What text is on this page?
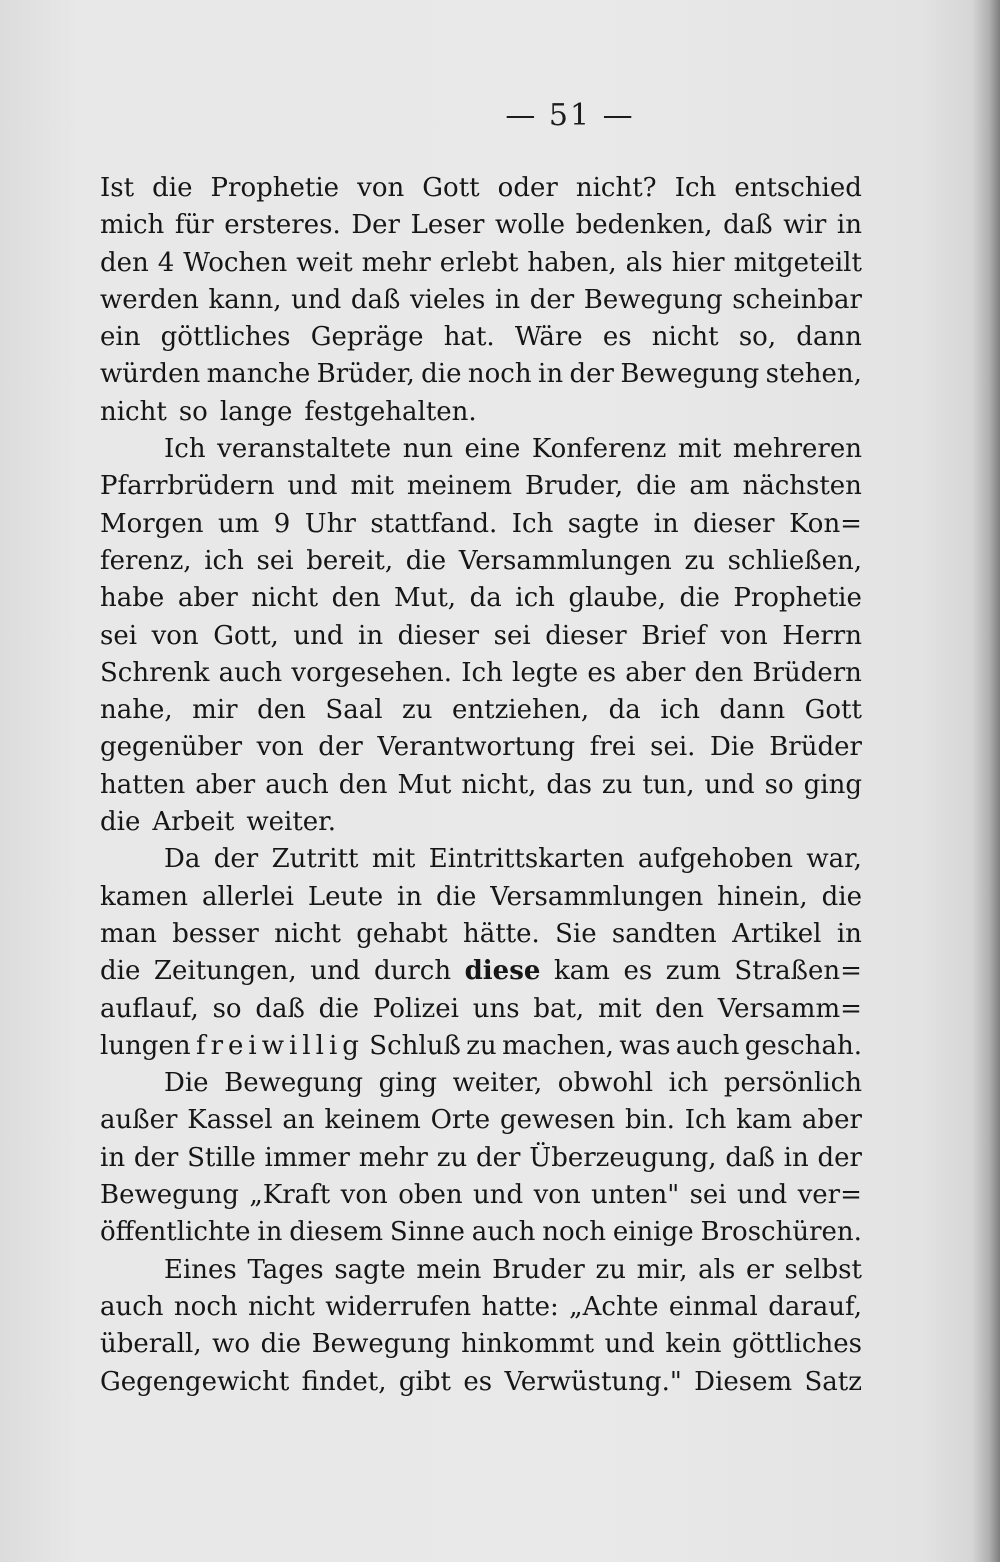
— 51 —
Ist die Prophetie von Gott oder nicht? Ich entschied
mich für ersteres. Der Leser wolle bedenken, daß wir in
den 4 Wochen weit mehr erlebt haben, als hier mitgeteilt
werden kann, und daß vieles in der Bewegung scheinbar
ein göttliches Gepräge hat. Wäre es nicht so, dann
würden manche Brüder, die noch in der Bewegung stehen,
nicht so lange festgehalten.
Ich veranstaltete nun eine Konferenz mit mehreren
Pfarrbrüdern und mit meinem Bruder, die am nächsten
Morgen um 9 Uhr stattfand. Ich sagte in dieser Kon=
ferenz, ich sei bereit, die Versammlungen zu schließen,
habe aber nicht den Mut, da ich glaube, die Prophetie
sei von Gott, und in dieser sei dieser Brief von Herrn
Schrenk auch vorgesehen. Ich legte es aber den Brüdern
nahe, mir den Saal zu entziehen, da ich dann Gott
gegenüber von der Verantwortung frei sei. Die Brüder
hatten aber auch den Mut nicht, das zu tun, und so ging
die Arbeit weiter.
Da der Zutritt mit Eintrittskarten aufgehoben war,
kamen allerlei Leute in die Versammlungen hinein, die
man besser nicht gehabt hätte. Sie sandten Artikel in
die Zeitungen, und durch diese kam es zum Straßen=
auflauf, so daß die Polizei uns bat, mit den Versamm=
lungen freiwillig Schluß zu machen, was auch geschah.
Die Bewegung ging weiter, obwohl ich persönlich
außer Kassel an keinem Orte gewesen bin. Ich kam aber
in der Stille immer mehr zu der Überzeugung, daß in der
Bewegung „Kraft von oben und von unten" sei und ver=
öffentlichte in diesem Sinne auch noch einige Broschüren.
Eines Tages sagte mein Bruder zu mir, als er selbst
auch noch nicht widerrufen hatte: „Achte einmal darauf,
überall, wo die Bewegung hinkommt und kein göttliches
Gegengewicht findet, gibt es Verwüstung." Diesem Satz
